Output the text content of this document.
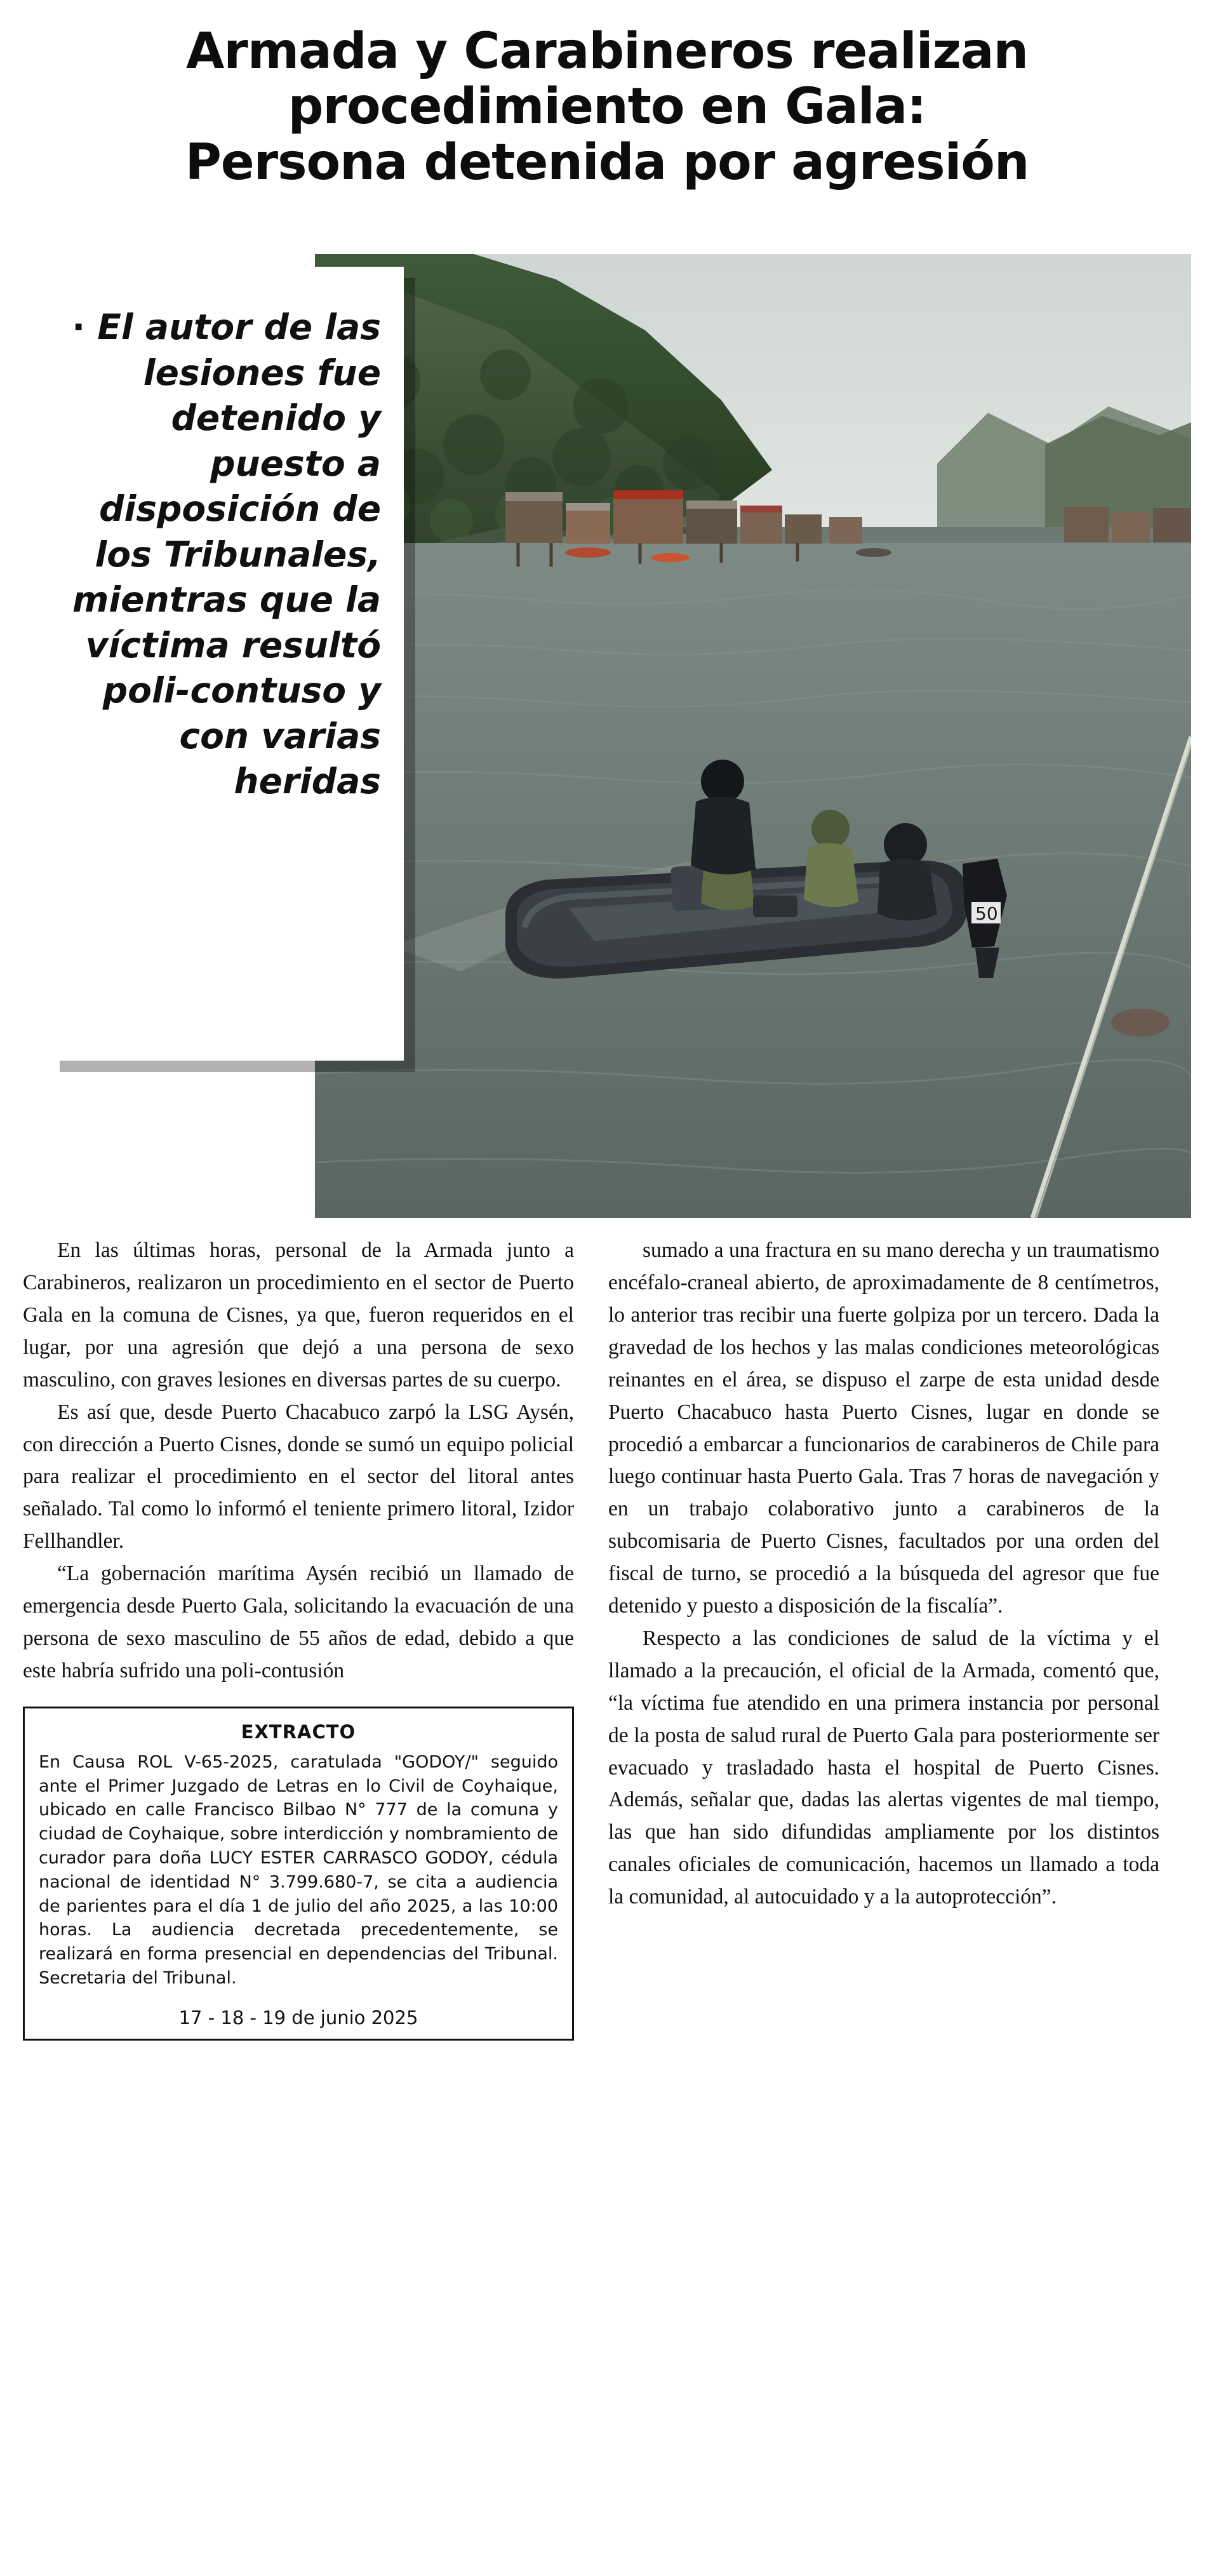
Armada y Carabineros realizan
procedimiento en Gala:
Persona detenida por agresión
50
· El autor de las lesiones fue detenido y puesto a disposición de los Tribunales, mientras que la víctima resultó poli-contuso y con varias heridas

En las últimas horas, personal de la Armada junto a Carabineros, realizaron un procedimiento en el sector de Puerto Gala en la comuna de Cisnes, ya que, fueron requeridos en el lugar, por una agresión que dejó a una persona de sexo masculino, con graves lesiones en diversas partes de su cuerpo.

Es así que, desde Puerto Chacabuco zarpó la LSG Aysén, con dirección a Puerto Cisnes, donde se sumó un equipo policial para realizar el procedimiento en el sector del litoral antes señalado. Tal como lo informó el teniente primero litoral, Izidor Fellhandler.

“La gobernación marítima Aysén recibió un llamado de emergencia desde Puerto Gala, solicitando la evacuación de una persona de sexo masculino de 55 años de edad, debido a que este habría sufrido una poli-contusión

EXTRACTO
En Causa ROL V-65-2025, caratulada "GODOY/" seguido ante el Primer Juzgado de Letras en lo Civil de Coyhaique, ubicado en calle Francisco Bilbao N° 777 de la comuna y ciudad de Coyhaique, sobre interdicción y nombramiento de curador para doña LUCY ESTER CARRASCO GODOY, cédula nacional de identidad N° 3.799.680-7, se cita a audiencia de parientes para el día 1 de julio del año 2025, a las 10:00 horas. La audiencia decretada precedentemente, se realizará en forma presencial en dependencias del Tribunal. Secretaria del Tribunal.
17 - 18 - 19 de junio 2025

sumado a una fractura en su mano derecha y un traumatismo encéfalo-craneal abierto, de aproximadamente de 8 centímetros, lo anterior tras recibir una fuerte golpiza por un tercero. Dada la gravedad de los hechos y las malas condiciones meteorológicas reinantes en el área, se dispuso el zarpe de esta unidad desde Puerto Chacabuco hasta Puerto Cisnes, lugar en donde se procedió a embarcar a funcionarios de carabineros de Chile para luego continuar hasta Puerto Gala. Tras 7 horas de navegación y en un trabajo colaborativo junto a carabineros de la subcomisaria de Puerto Cisnes, facultados por una orden del fiscal de turno, se procedió a la búsqueda del agresor que fue detenido y puesto a disposición de la fiscalía”.

Respecto a las condiciones de salud de la víctima y el llamado a la precaución, el oficial de la Armada, comentó que, “la víctima fue atendido en una primera instancia por personal de la posta de salud rural de Puerto Gala para posteriormente ser evacuado y trasladado hasta el hospital de Puerto Cisnes. Además, señalar que, dadas las alertas vigentes de mal tiempo, las que han sido difundidas ampliamente por los distintos canales oficiales de comunicación, hacemos un llamado a toda la comunidad, al autocuidado y a la autoprotección”.
